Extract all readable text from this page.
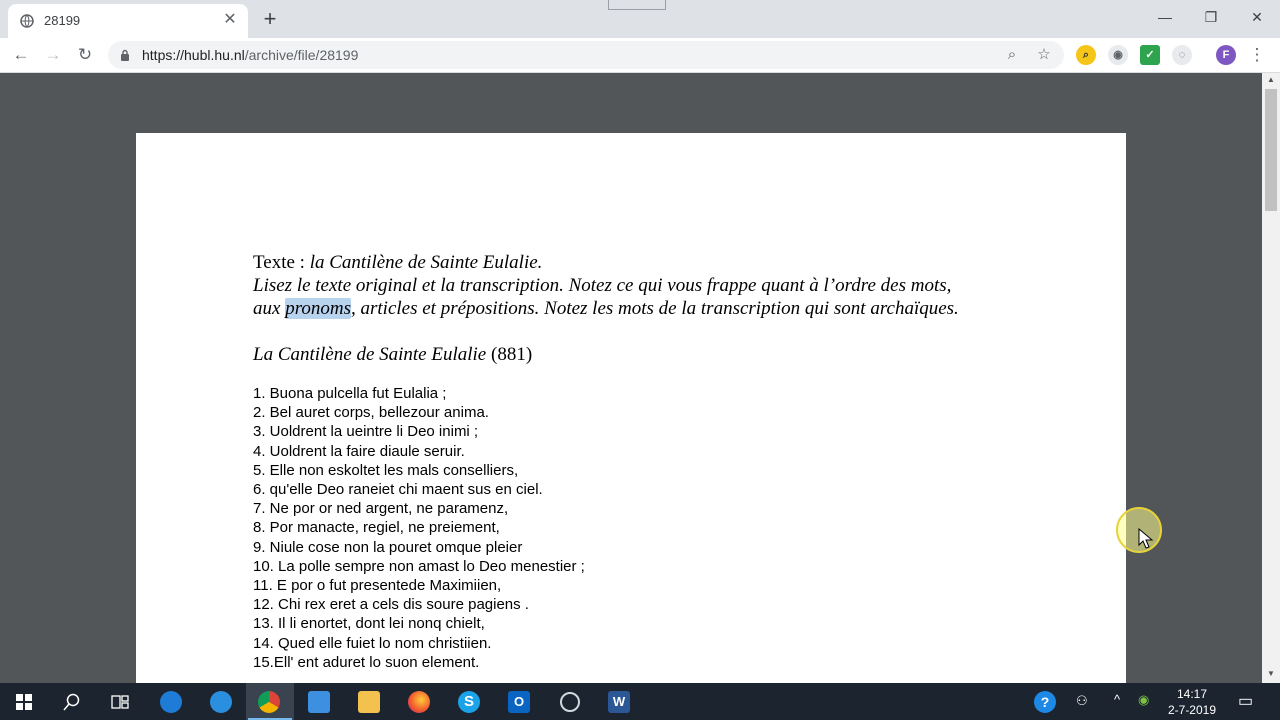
28199	✕ +	—	❐	✕
← → ↻	https://hubl.hu.nl/archive/file/28199	⌕	☆	⌕	◉	✓	◌	F	⋮
Texte : la Cantilène de Sainte Eulalie.
Lisez le texte original et la transcription. Notez ce qui vous frappe quant à l’ordre des mots,
aux pronoms, articles et prépositions. Notez les mots de la transcription qui sont archaïques.
La Cantilène de Sainte Eulalie (881)
1. Buona pulcella fut Eulalia ;
2. Bel auret corps, bellezour anima.
3. Uoldrent la ueintre li Deo inimi ;
4. Uoldrent la faire diaule seruir.
5. Elle non eskoltet les mals conselliers,
6. qu'elle Deo raneiet chi maent sus en ciel.
7. Ne por or ned argent, ne paramenz,
8. Por manacte, regiel, ne preiement,
9. Niule cose non la pouret omque pleier
10. La polle sempre non amast lo Deo menestier ;
11. E por o fut presentede Maximiien,
12. Chi rex eret a cels dis soure pagiens .
13. Il li enortet, dont lei nonq chielt,
14. Qued elle fuiet lo nom christiien.
15.Ell' ent aduret lo suon element.
▲
▼
S	O	W	?	⚇ ^ ◉	14:17
2-7-2019	▭
